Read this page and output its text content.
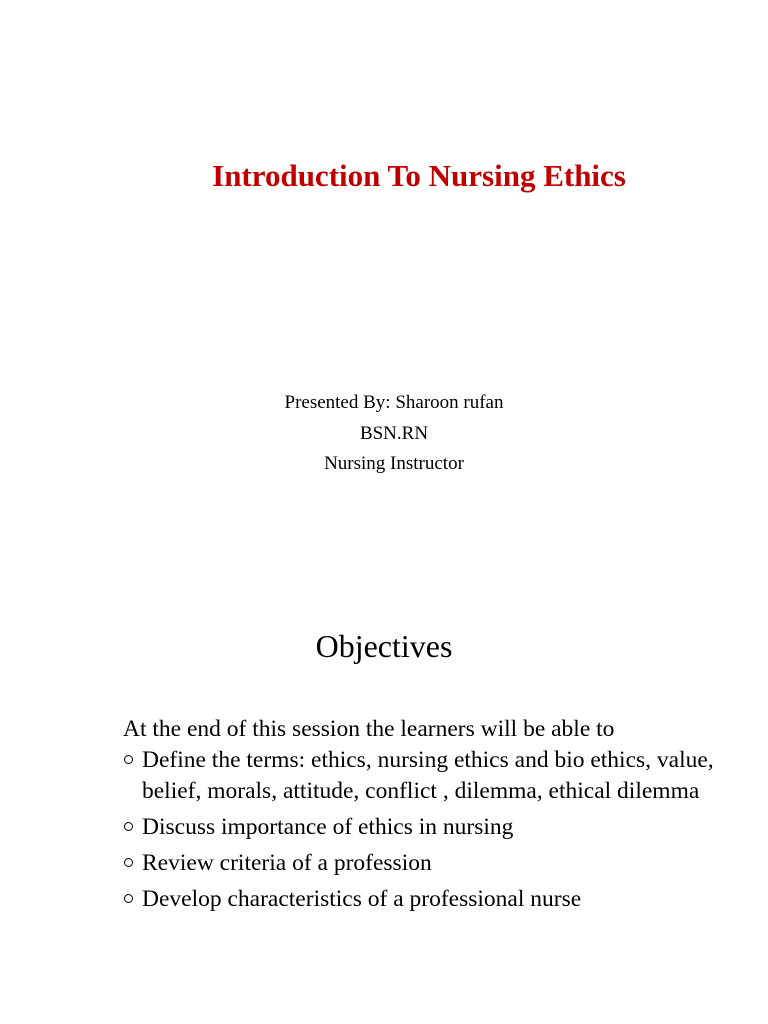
Introduction To Nursing Ethics
Presented By: Sharoon rufan
BSN.RN
Nursing Instructor
Objectives
At the end of this session the learners will be able to
Define the terms: ethics, nursing ethics and bio ethics, value, belief, morals, attitude, conflict , dilemma, ethical dilemma
Discuss importance of ethics in nursing
Review criteria of a profession
Develop characteristics of a professional nurse
